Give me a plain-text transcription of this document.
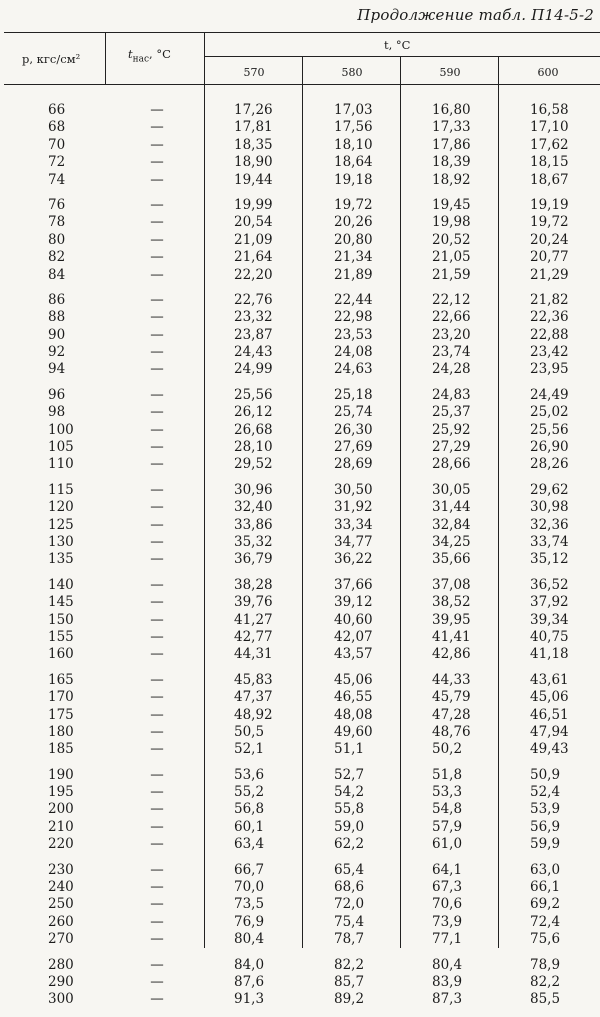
Продолжение табл. П14-5-2
p, кгс/см²	$t_{нас}$, °C
t, °C
570	580	590	600
66	—	17,26	17,03	16,80	16,58
68	—	17,81	17,56	17,33	17,10
70	—	18,35	18,10	17,86	17,62
72	—	18,90	18,64	18,39	18,15
74	—	19,44	19,18	18,92	18,67
76	—	19,99	19,72	19,45	19,19
78	—	20,54	20,26	19,98	19,72
80	—	21,09	20,80	20,52	20,24
82	—	21,64	21,34	21,05	20,77
84	—	22,20	21,89	21,59	21,29
86	—	22,76	22,44	22,12	21,82
88	—	23,32	22,98	22,66	22,36
90	—	23,87	23,53	23,20	22,88
92	—	24,43	24,08	23,74	23,42
94	—	24,99	24,63	24,28	23,95
96	—	25,56	25,18	24,83	24,49
98	—	26,12	25,74	25,37	25,02
100	—	26,68	26,30	25,92	25,56
105	—	28,10	27,69	27,29	26,90
110	—	29,52	28,69	28,66	28,26
115	—	30,96	30,50	30,05	29,62
120	—	32,40	31,92	31,44	30,98
125	—	33,86	33,34	32,84	32,36
130	—	35,32	34,77	34,25	33,74
135	—	36,79	36,22	35,66	35,12
140	—	38,28	37,66	37,08	36,52
145	—	39,76	39,12	38,52	37,92
150	—	41,27	40,60	39,95	39,34
155	—	42,77	42,07	41,41	40,75
160	—	44,31	43,57	42,86	41,18
165	—	45,83	45,06	44,33	43,61
170	—	47,37	46,55	45,79	45,06
175	—	48,92	48,08	47,28	46,51
180	—	50,5	49,60	48,76	47,94
185	—	52,1	51,1	50,2	49,43
190	—	53,6	52,7	51,8	50,9
195	—	55,2	54,2	53,3	52,4
200	—	56,8	55,8	54,8	53,9
210	—	60,1	59,0	57,9	56,9
220	—	63,4	62,2	61,0	59,9
230	—	66,7	65,4	64,1	63,0
240	—	70,0	68,6	67,3	66,1
250	—	73,5	72,0	70,6	69,2
260	—	76,9	75,4	73,9	72,4
270	—	80,4	78,7	77,1	75,6
280	—	84,0	82,2	80,4	78,9
290	—	87,6	85,7	83,9	82,2
300	—	91,3	89,2	87,3	85,5
